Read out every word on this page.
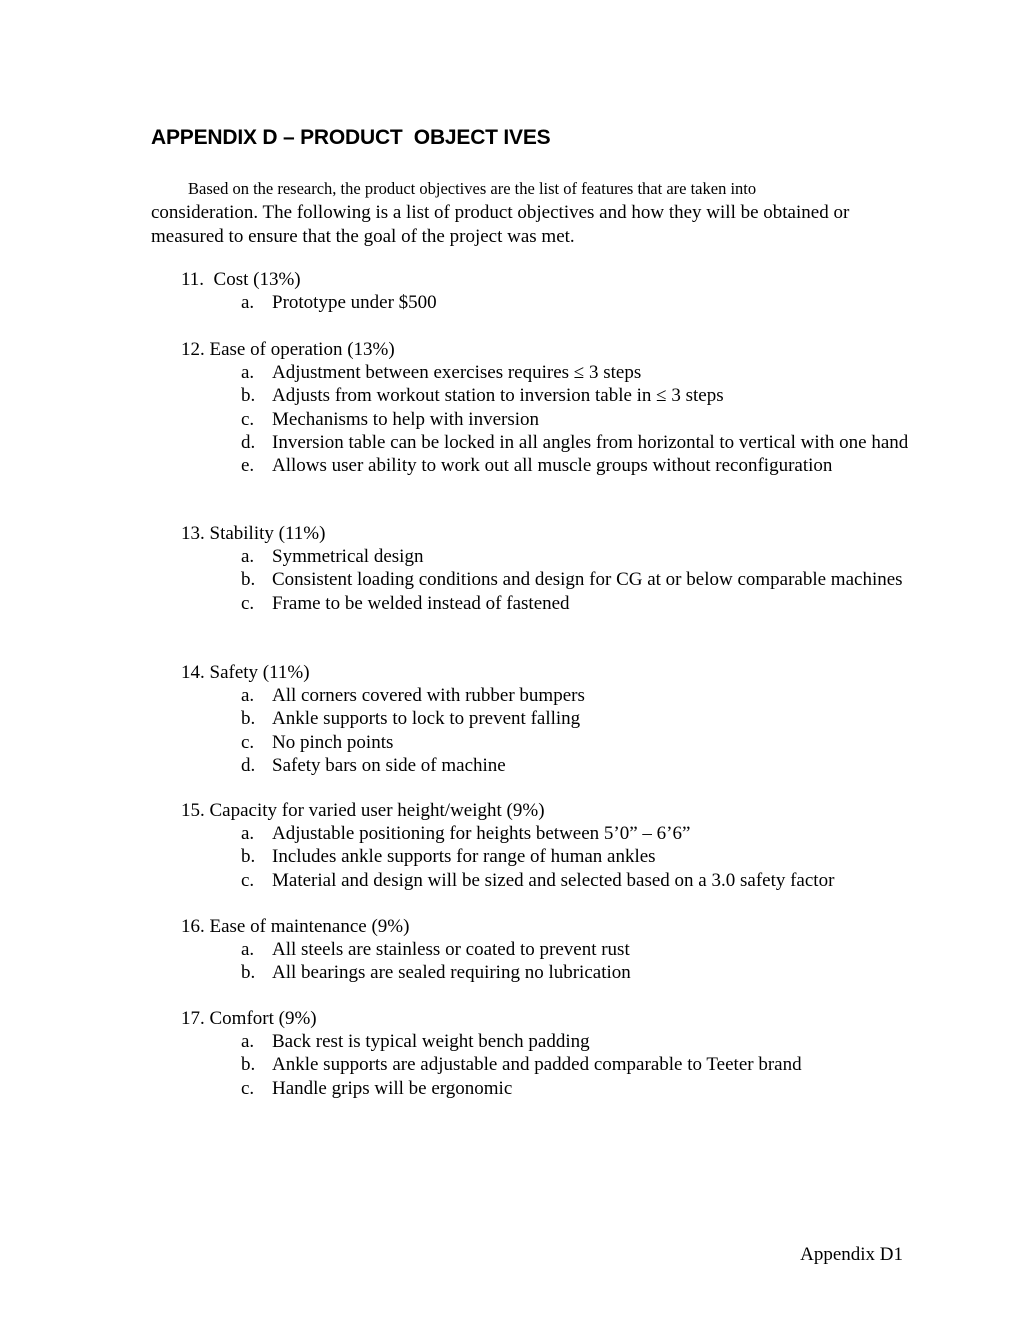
APPENDIX D – PRODUCT  OBJECT IVES

Based on the research, the product objectives are the list of features that are taken into
consideration. The following is a list of product objectives and how they will be obtained or measured to ensure that the goal of the project was met.

11.  Cost (13%)
a. Prototype under $500
12. Ease of operation (13%)
a. Adjustment between exercises requires ≤ 3 steps
b. Adjusts from workout station to inversion table in ≤ 3 steps
c. Mechanisms to help with inversion
d. Inversion table can be locked in all angles from horizontal to vertical with one hand
e. Allows user ability to work out all muscle groups without reconfiguration
13. Stability (11%)
a. Symmetrical design
b. Consistent loading conditions and design for CG at or below comparable machines
c. Frame to be welded instead of fastened
14. Safety (11%)
a. All corners covered with rubber bumpers
b. Ankle supports to lock to prevent falling
c. No pinch points
d. Safety bars on side of machine
15. Capacity for varied user height/weight (9%)
a. Adjustable positioning for heights between 5’0” – 6’6”
b. Includes ankle supports for range of human ankles
c. Material and design will be sized and selected based on a 3.0 safety factor
16. Ease of maintenance (9%)
a. All steels are stainless or coated to prevent rust
b. All bearings are sealed requiring no lubrication
17. Comfort (9%)
a. Back rest is typical weight bench padding
b. Ankle supports are adjustable and padded comparable to Teeter brand
c. Handle grips will be ergonomic
Appendix D1
